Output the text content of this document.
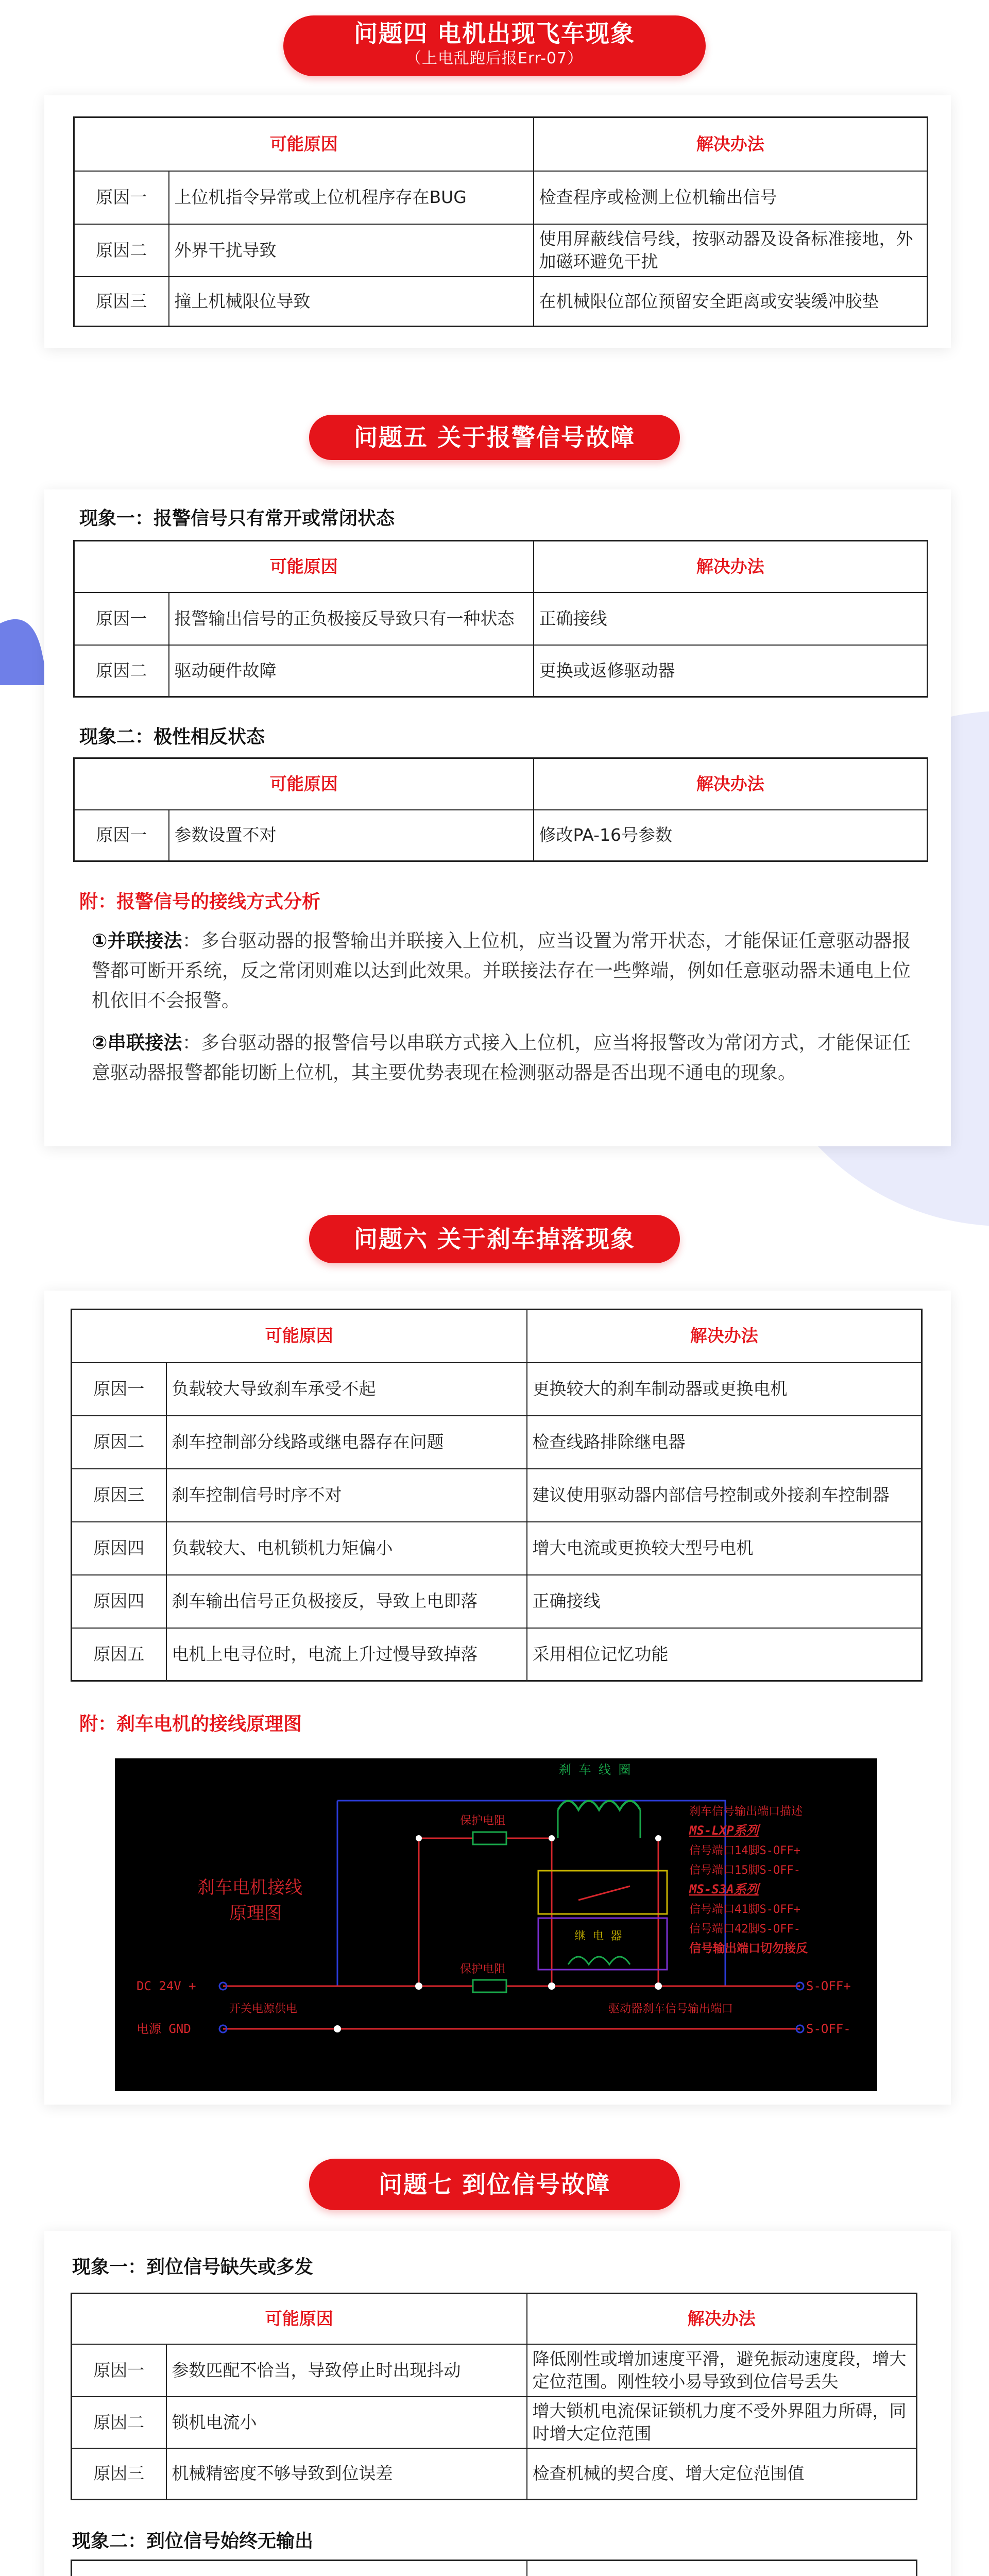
问题四 电机出现飞车现象
（上电乱跑后报Err-07）
可能原因		解决办法
原因一	上位机指令异常或上位机程序存在BUG	检查程序或检测上位机输出信号
原因二	外界干扰导致	使用屏蔽线信号线，按驱动器及设备标准接地，外加磁环避免干扰
原因三	撞上机械限位导致	在机械限位部位预留安全距离或安装缓冲胶垫
问题五 关于报警信号故障
现象一：报警信号只有常开或常闭状态
可能原因		解决办法
原因一	报警输出信号的正负极接反导致只有一种状态	正确接线
原因二	驱动硬件故障	更换或返修驱动器
现象二：极性相反状态
可能原因		解决办法
原因一	参数设置不对	修改PA-16号参数
附：报警信号的接线方式分析
①并联接法：多台驱动器的报警输出并联接入上位机，应当设置为常开状态，才能保证任意驱动器报警都可断开系统，反之常闭则难以达到此效果。并联接法存在一些弊端，例如任意驱动器未通电上位机依旧不会报警。
②串联接法：多台驱动器的报警信号以串联方式接入上位机，应当将报警改为常闭方式，才能保证任意驱动器报警都能切断上位机，其主要优势表现在检测驱动器是否出现不通电的现象。
问题六 关于刹车掉落现象
可能原因		解决办法
原因一	负载较大导致刹车承受不起	更换较大的刹车制动器或更换电机
原因二	刹车控制部分线路或继电器存在问题	检查线路排除继电器
原因三	刹车控制信号时序不对	建议使用驱动器内部信号控制或外接刹车控制器
原因四	负载较大、电机锁机力矩偏小	增大电流或更换较大型号电机
原因四	刹车输出信号正负极接反，导致上电即落	正确接线
原因五	电机上电寻位时，电流上升过慢导致掉落	采用相位记忆功能
附：刹车电机的接线原理图
刹车电机接线
原理图
刹 车 线 圈
保护电阻
保护电阻
继 电 器
DC 24V +
电源 GND
开关电源供电	驱动器刹车信号输出端口
S-OFF+
S-OFF-
刹车信号输出端口描述
MS-LXP系列
信号端口14脚S-OFF+
信号端口15脚S-OFF-
MS-S3A系列
信号端口41脚S-OFF+
信号端口42脚S-OFF-
信号输出端口切勿接反
问题七 到位信号故障
现象一：到位信号缺失或多发
可能原因		解决办法
原因一	参数匹配不恰当，导致停止时出现抖动	降低刚性或增加速度平滑，避免振动速度段，增大定位范围。刚性较小易导致到位信号丢失
原因二	锁机电流小	增大锁机电流保证锁机力度不受外界阻力所碍，同时增大定位范围
原因三	机械精密度不够导致到位误差	检查机械的契合度、增大定位范围值
现象二：到位信号始终无输出
